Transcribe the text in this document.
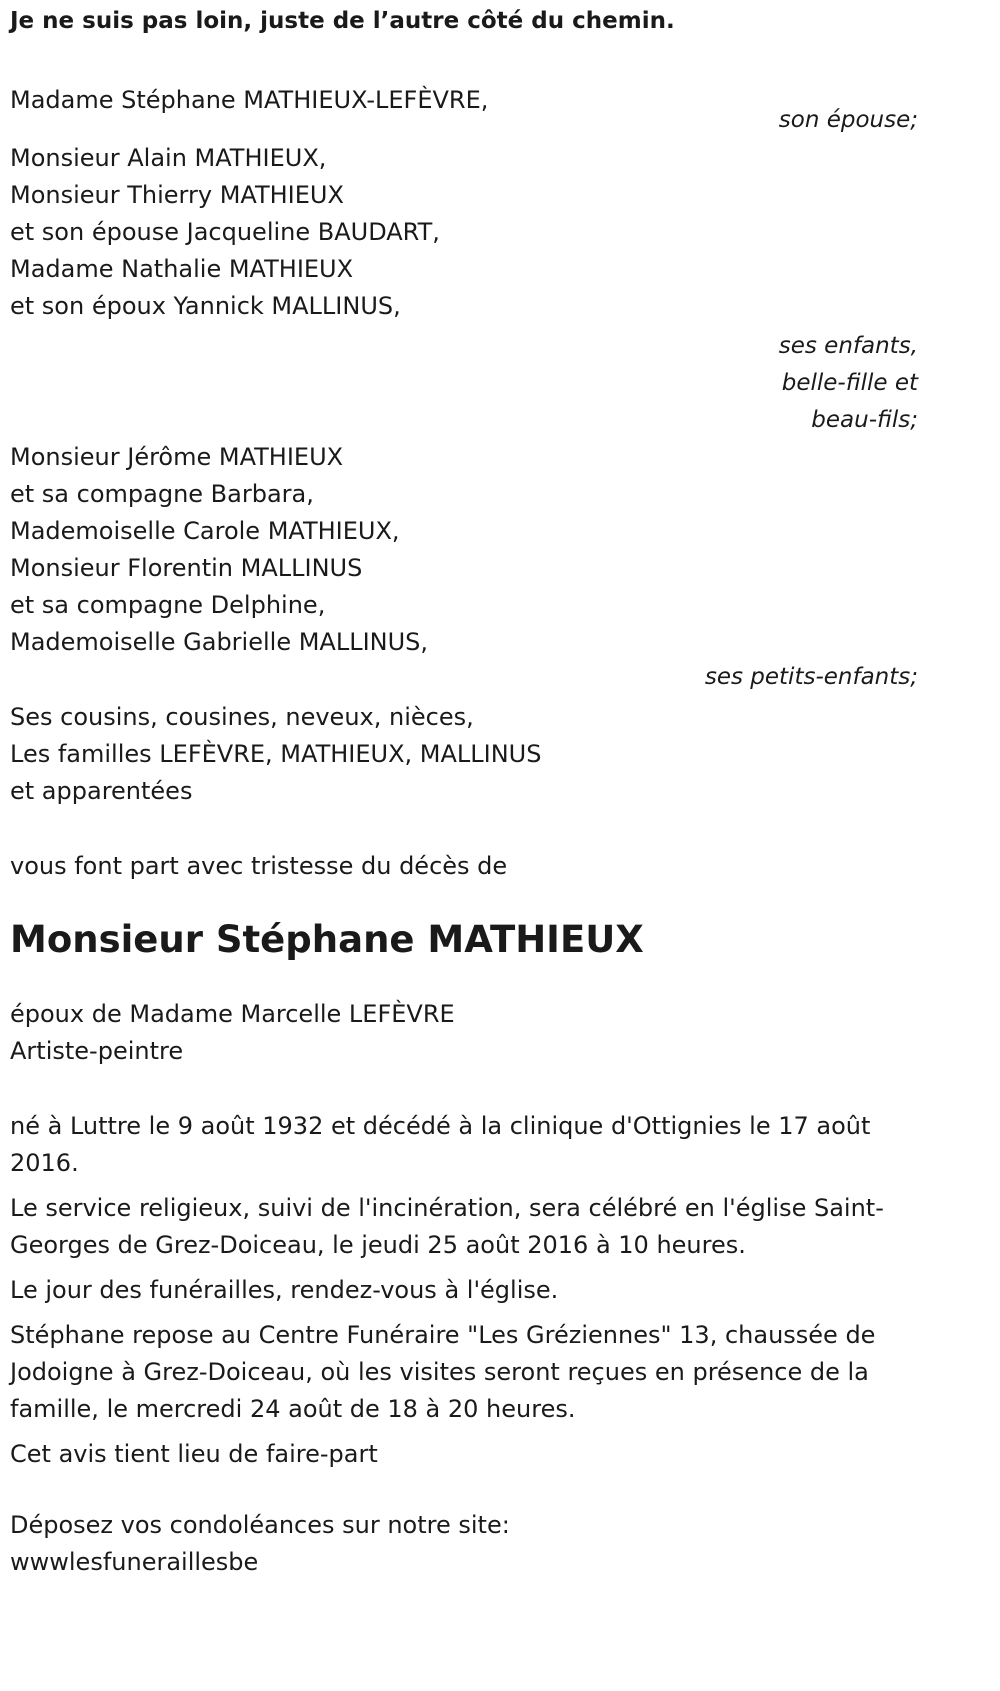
Je ne suis pas loin, juste de l’autre côté du chemin.

Madame Stéphane MATHIEUX-LEFÈVRE,

son épouse;

Monsieur Alain MATHIEUX,

Monsieur Thierry MATHIEUX

et son épouse Jacqueline BAUDART,

Madame Nathalie MATHIEUX

et son époux Yannick MALLINUS,

ses enfants,

belle-fille et

beau-fils;

Monsieur Jérôme MATHIEUX

et sa compagne Barbara,

Mademoiselle Carole MATHIEUX,

Monsieur Florentin MALLINUS

et sa compagne Delphine,

Mademoiselle Gabrielle MALLINUS,

ses petits-enfants;

Ses cousins, cousines, neveux, nièces,

Les familles LEFÈVRE, MATHIEUX, MALLINUS

et apparentées

vous font part avec tristesse du décès de

Monsieur Stéphane MATHIEUX

époux de Madame Marcelle LEFÈVRE

Artiste-peintre

né à Luttre le 9 août 1932 et décédé à la clinique d'Ottignies le 17 août 2016.

Le service religieux, suivi de l'incinération, sera célébré en l'église Saint-Georges de Grez-Doiceau, le jeudi 25 août 2016 à 10 heures.

Le jour des funérailles, rendez-vous à l'église.

Stéphane repose au Centre Funéraire "Les Gréziennes" 13, chaussée de Jodoigne à Grez-Doiceau, où les visites seront reçues en présence de la famille, le mercredi 24 août de 18 à 20 heures.

Cet avis tient lieu de faire-part

Déposez vos condoléances sur notre site:

wwwlesfuneraillesbe
